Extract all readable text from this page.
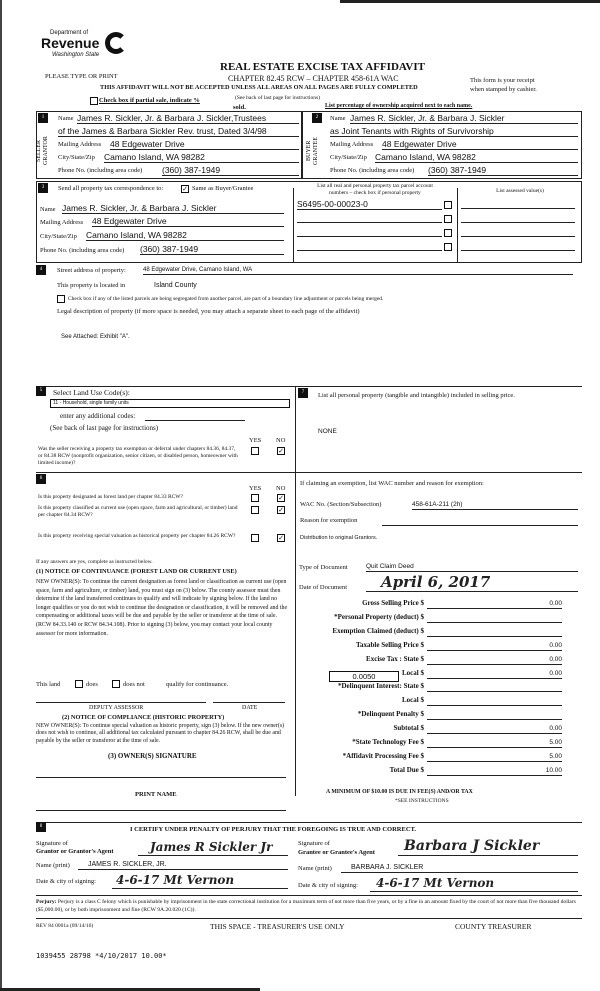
Department of
Revenue
Washington State
REAL ESTATE EXCISE TAX AFFIDAVIT
PLEASE TYPE OR PRINT	CHAPTER 82.45 RCW – CHAPTER 458-61A WAC
THIS AFFIDAVIT WILL NOT BE ACCEPTED UNLESS ALL AREAS ON ALL PAGES ARE FULLY COMPLETED
This form is your receipt
when stamped by cashier.
Check box if partial sale, indicate %
sold.
(See back of last page for instructions)
List percentage of ownership acquired next to each name.
1
SELLER GRANTOR
Name James R. Sickler, Jr. & Barbara J. Sickler,Trustees
of the James & Barbara Sickler Rev. trust, Dated 3/4/98
Mailing Address 48 Edgewater Drive
City/State/Zip Camano Island, WA 98282
Phone No. (including area code) (360) 387-1949
2
BUYER GRANTEE
Name James R. Sickler, Jr. & Barbara J. Sickler
as Joint Tenants with Rights of Survivorship
Mailing Address 48 Edgewater Drive
City/State/Zip Camano Island, WA 98282
Phone No. (including area code) (360) 387-1949
3	Send all property tax correspondence to:	✓ Same as Buyer/Grantee
Name James R. Sickler, Jr. & Barbara J. Sickler
Mailing Address 48 Edgewater Drive
City/State/Zip Camano Island, WA 98282
Phone No. (including area code) (360) 387-1949
List all real and personal property tax parcel account
numbers – check box if personal property
S6495-00-00023-0
List assessed value(s)
4	Street address of property:	48 Edgewater Drive, Camano Island, WA
This property is located in	Island County
Check box if any of the listed parcels are being segregated from another parcel, are part of a boundary line adjustment or parcels being merged.
Legal description of property (if more space is needed, you may attach a separate sheet to each page of the affidavit)
See Attached: Exhibit "A".
5	Select Land Use Code(s):
11 - Household, single family units
enter any additional codes:
(See back of last page for instructions)
YES NO
Was the seller receiving a property tax exemption or deferral under chapters 84.36, 84.37, or 84.38 RCW (nonprofit organization, senior citizen, or disabled person, homeowner with limited income)?
✓
7	List all personal property (tangible and intangible) included in selling price.
NONE
If claiming an exemption, list WAC number and reason for exemption:
WAC No. (Section/Subsection)	458-61A-211 (2h)
Reason for exemption
Distribution to original Grantors.
6
YES NO
Is this property designated as forest land per chapter 84.33 RCW?	✓
Is this property classified as current use (open space, farm and agricultural, or timber) land per chapter 84.34 RCW?
✓
Is this property receiving special valuation as historical property per chapter 84.26 RCW?	✓
If any answers are yes, complete as instructed below.
(1) NOTICE OF CONTINUANCE (FOREST LAND OR CURRENT USE)
NEW OWNER(S): To continue the current designation as forest land or classification as current use (open space, farm and agriculture, or timber) land, you must sign on (3) below. The county assessor must then determine if the land transferred continues to qualify and will indicate by signing below. If the land no longer qualifies or you do not wish to continue the designation or classification, it will be removed and the compensating or additional taxes will be due and payable by the seller or transferor at the time of sale. (RCW 84.33.140 or RCW 84.34.108). Prior to signing (3) below, you may contact your local county assessor for more information.
This land	does	does not	qualify for continuance.
DEPUTY ASSESSOR	DATE
(2) NOTICE OF COMPLIANCE (HISTORIC PROPERTY)
NEW OWNER(S): To continue special valuation as historic property, sign (3) below. If the new owner(s) does not wish to continue, all additional tax calculated pursuant to chapter 84.26 RCW, shall be due and payable by the seller or transferor at the time of sale.
(3) OWNER(S) SIGNATURE
PRINT NAME
Type of Document	Quit Claim Deed
Date of Document	April 6, 2017
Gross Selling Price $	0.00
*Personal Property (deduct) $
Exemption Claimed (deduct) $
Taxable Selling Price $	0.00
Excise Tax : State $	0.00
Local $	0.00
*Delinquent Interest: State $
Local $
*Delinquent Penalty $
Subtotal $	0.00
*State Technology Fee $	5.00
*Affidavit Processing Fee $	5.00
Total Due $	10.00
0.0050
A MINIMUM OF $10.00 IS DUE IN FEE(S) AND/OR TAX
*SEE INSTRUCTIONS
8	I CERTIFY UNDER PENALTY OF PERJURY THAT THE FOREGOING IS TRUE AND CORRECT.
Signature of
Grantor or Grantor's Agent	James R Sickler Jr
Name (print)	JAMES R. SICKLER, JR.
Date & city of signing:	4-6-17 Mt Vernon
Signature of
Grantee or Grantee's Agent	Barbara J Sickler
Name (print)	BARBARA J. SICKLER
Date & city of signing:	4-6-17 Mt Vernon
Perjury: Perjury is a class C felony which is punishable by imprisonment in the state correctional institution for a maximum term of not more than five years, or by a fine in an amount fixed by the court of not more than five thousand dollars ($5,000.00), or by both imprisonment and fine (RCW 9A.20.020 (1C)).
REV 84 0001a (09/14/16)	THIS SPACE - TREASURER'S USE ONLY	COUNTY TREASURER
1039455 28798 *4/10/2017 10.00*
